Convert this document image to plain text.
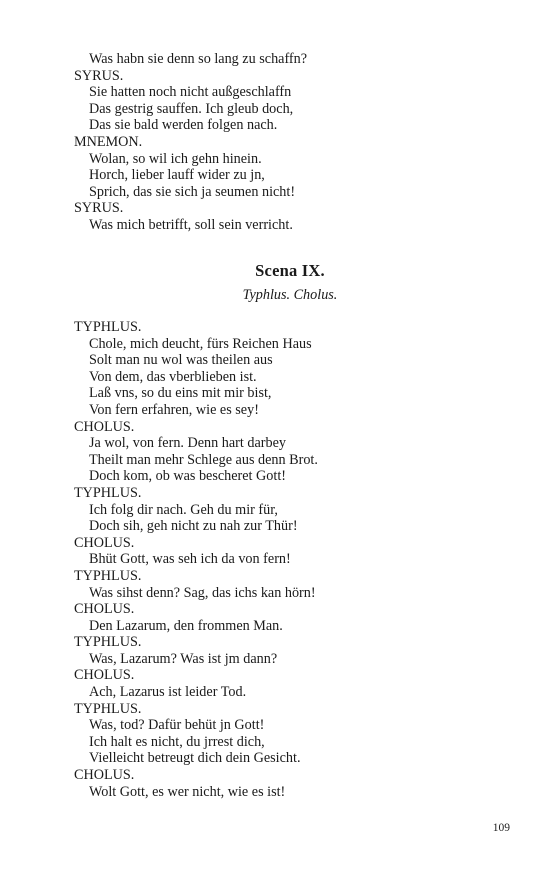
Was habn sie denn so lang zu schaffn?
SYRUS.
Sie hatten noch nicht außgeschlaffn
Das gestrig sauffen. Ich gleub doch,
Das sie bald werden folgen nach.
MNEMON.
Wolan, so wil ich gehn hinein.
Horch, lieber lauff wider zu jn,
Sprich, das sie sich ja seumen nicht!
SYRUS.
Was mich betrifft, soll sein verricht.
Scena IX.

Typhlus. Cholus.

TYPHLUS.
Chole, mich deucht, fürs Reichen Haus
Solt man nu wol was theilen aus
Von dem, das vberblieben ist.
Laß vns, so du eins mit mir bist,
Von fern erfahren, wie es sey!
CHOLUS.
Ja wol, von fern. Denn hart darbey
Theilt man mehr Schlege aus denn Brot.
Doch kom, ob was bescheret Gott!
TYPHLUS.
Ich folg dir nach. Geh du mir für,
Doch sih, geh nicht zu nah zur Thür!
CHOLUS.
Bhüt Gott, was seh ich da von fern!
TYPHLUS.
Was sihst denn? Sag, das ichs kan hörn!
CHOLUS.
Den Lazarum, den frommen Man.
TYPHLUS.
Was, Lazarum? Was ist jm dann?
CHOLUS.
Ach, Lazarus ist leider Tod.
TYPHLUS.
Was, tod? Dafür behüt jn Gott!
Ich halt es nicht, du jrrest dich,
Vielleicht betreugt dich dein Gesicht.
CHOLUS.
Wolt Gott, es wer nicht, wie es ist!
109
